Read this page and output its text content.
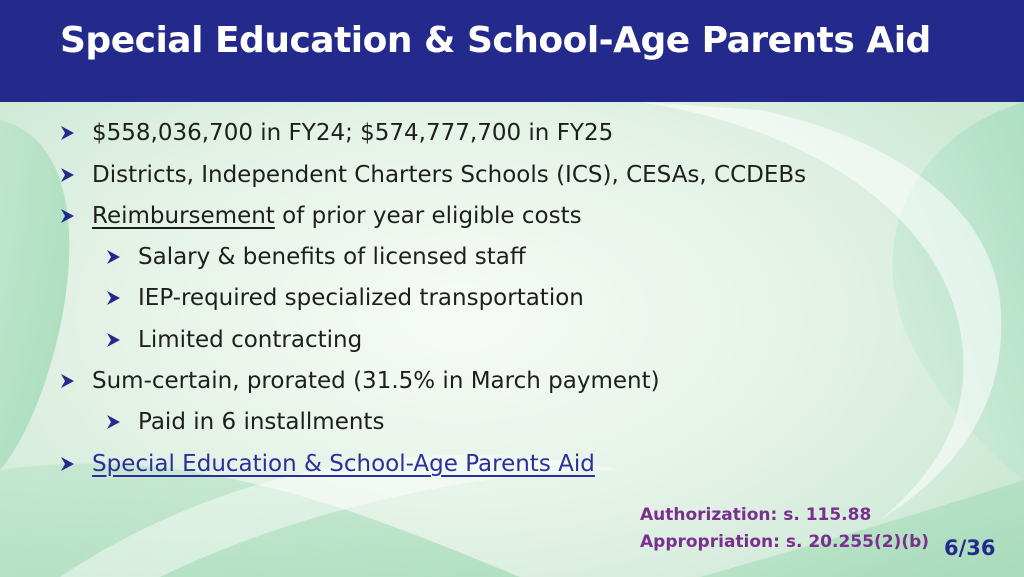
Special Education & School-Age Parents Aid
$558,036,700 in FY24; $574,777,700 in FY25
Districts, Independent Charters Schools (ICS), CESAs, CCDEBs
Reimbursement of prior year eligible costs
Salary & benefits of licensed staff
IEP-required specialized transportation
Limited contracting
Sum-certain, prorated (31.5% in March payment)
Paid in 6 installments
Special Education & School-Age Parents Aid
Authorization: s. 115.88
Appropriation: s. 20.255(2)(b) 6/36
